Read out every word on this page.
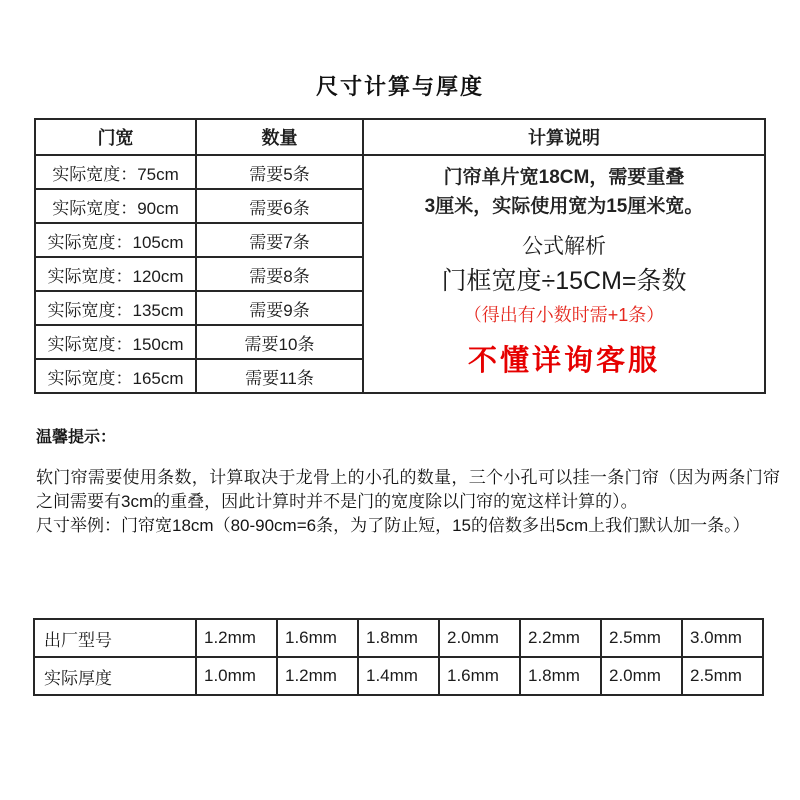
尺寸计算与厚度
门宽	数量	计算说明
实际宽度：75cm	需要5条	门帘单片宽18CM，需要重叠
3厘米，实际使用宽为15厘米宽。
公式解析
门框宽度÷15CM=条数
（得出有小数时需+1条）
不懂详询客服

实际宽度：90cm	需要6条	
实际宽度：105cm	需要7条	
实际宽度：120cm	需要8条	
实际宽度：135cm	需要9条	
实际宽度：150cm	需要10条	
实际宽度：165cm	需要11条	
温馨提示：

软门帘需要使用条数，计算取决于龙骨上的小孔的数量，三个小孔可以挂一条门帘（因为两条门帘之间需要有3cm的重叠，因此计算时并不是门的宽度除以门帘的宽这样计算的）。

尺寸举例：门帘宽18cm（80-90cm=6条，为了防止短，15的倍数多出5cm上我们默认加一条。）

出厂型号	1.2mm	1.6mm	1.8mm	2.0mm	2.2mm	2.5mm	3.0mm
实际厚度	1.0mm	1.2mm	1.4mm	1.6mm	1.8mm	2.0mm	2.5mm
